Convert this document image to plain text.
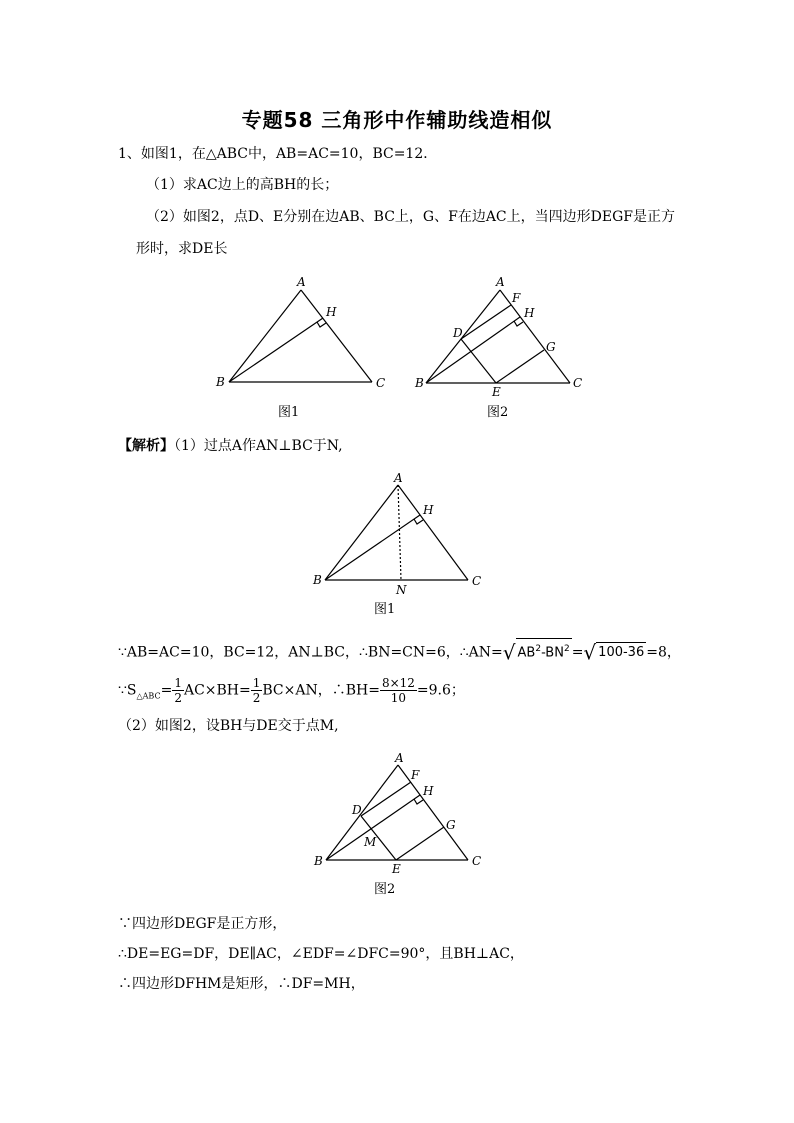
专题58 三角形中作辅助线造相似
1、如图1，在△ABC中，AB=AC=10，BC=12．
（1）求AC边上的高BH的长；
（2）如图2，点D、E分别在边AB、BC上，G、F在边AC上，当四边形DEGF是正方
形时，求DE长
A
B	C
H
图1
A
B	C
F
H
D
G
E
图2
【解析】（1）过点A作AN⊥BC于N,
A
B	C
H
N
图1
∵AB=AC=10，BC=12，AN⊥BC，∴BN=CN=6，∴AN=√ $AB^2-BN^2$ =√ 100-36 =8，
$\because S_{\triangle ABC}= \frac{1}{2} AC\times BH= \frac{1}{2} BC\times AN$，∴BH= $\frac{8\times 12}{10} =9.6$；
（2）如图2，设BH与DE交于点M,
A
B	C
F
H
D
G
M
E
图2
∵四边形DEGF是正方形，
∴DE=EG=DF，DE∥AC，∠EDF=∠DFC=90°，且BH⊥AC，
∴四边形DFHM是矩形，∴DF=MH，
